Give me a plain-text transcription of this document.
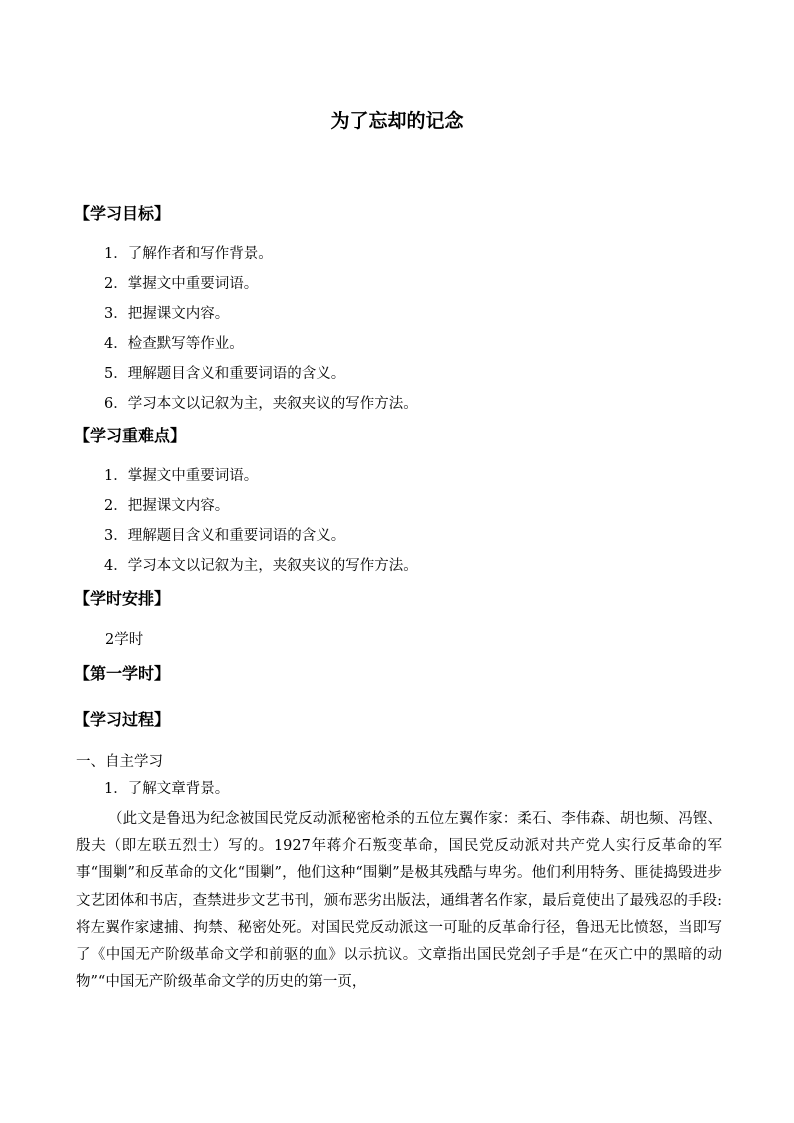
为了忘却的记念
【学习目标】
1．了解作者和写作背景。
2．掌握文中重要词语。
3．把握课文内容。
4．检查默写等作业。
5．理解题目含义和重要词语的含义。
6．学习本文以记叙为主，夹叙夹议的写作方法。
【学习重难点】
1．掌握文中重要词语。
2．把握课文内容。
3．理解题目含义和重要词语的含义。
4．学习本文以记叙为主，夹叙夹议的写作方法。
【学时安排】
2学时
【第一学时】
【学习过程】
一、自主学习
1．了解文章背景。
（此文是鲁迅为纪念被国民党反动派秘密枪杀的五位左翼作家：柔石、李伟森、胡也频、冯铿、殷夫（即左联五烈士）写的。1927年蒋介石叛变革命，国民党反动派对共产党人实行反革命的军事“围剿”和反革命的文化“围剿”，他们这种“围剿”是极其残酷与卑劣。他们利用特务、匪徒捣毁进步文艺团体和书店，查禁进步文艺书刊，颁布恶劣出版法，通缉著名作家，最后竟使出了最残忍的手段: 将左翼作家逮捕、拘禁、秘密处死。对国民党反动派这一可耻的反革命行径，鲁迅无比愤怒，当即写了《中国无产阶级革命文学和前驱的血》以示抗议。文章指出国民党刽子手是“在灭亡中的黑暗的动物”“中国无产阶级革命文学的历史的第一页，
